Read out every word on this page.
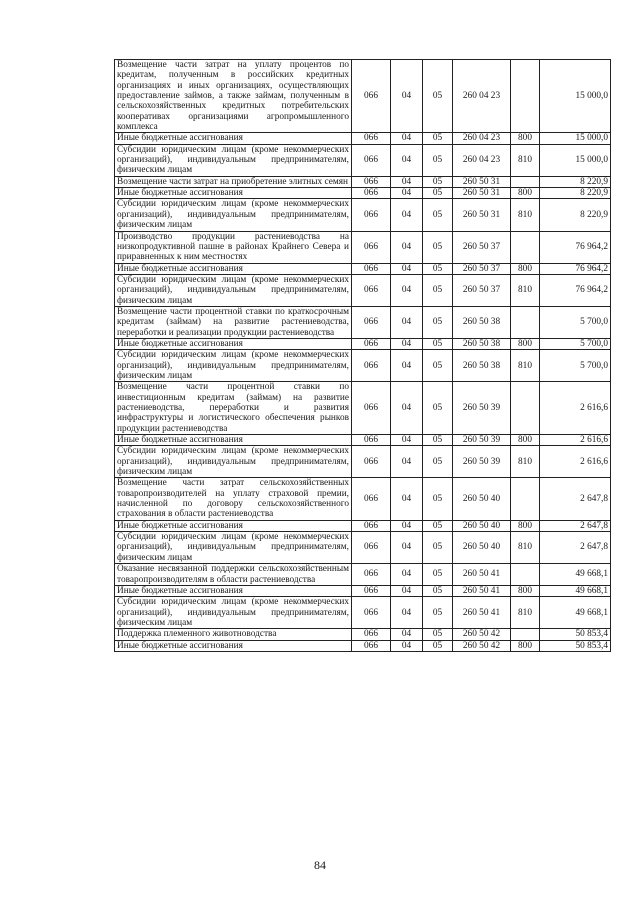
Возмещение части затрат на уплату процентов по кредитам, полученным в российских кредитных организациях и иных организациях, осуществляющих предоставление займов, а также займам, полученным в сельскохозяйственных кредитных потребительских кооперативах организациями агропромышленного комплекса	066	04	05	260 04 23		15 000,0
Иные бюджетные ассигнования	066	04	05	260 04 23	800	15 000,0
Субсидии юридическим лицам (кроме некоммерческих организаций), индивидуальным предпринимателям, физическим лицам	066	04	05	260 04 23	810	15 000,0
Возмещение части затрат на приобретение элитных семян	066	04	05	260 50 31		8 220,9
Иные бюджетные ассигнования	066	04	05	260 50 31	800	8 220,9
Субсидии юридическим лицам (кроме некоммерческих организаций), индивидуальным предпринимателям, физическим лицам	066	04	05	260 50 31	810	8 220,9
Производство продукции растениеводства на низкопродуктивной пашне в районах Крайнего Севера и приравненных к ним местностях	066	04	05	260 50 37		76 964,2
Иные бюджетные ассигнования	066	04	05	260 50 37	800	76 964,2
Субсидии юридическим лицам (кроме некоммерческих организаций), индивидуальным предпринимателям, физическим лицам	066	04	05	260 50 37	810	76 964,2
Возмещение части процентной ставки по краткосрочным кредитам (займам) на развитие растениеводства, переработки и реализации продукции растениеводства	066	04	05	260 50 38		5 700,0
Иные бюджетные ассигнования	066	04	05	260 50 38	800	5 700,0
Субсидии юридическим лицам (кроме некоммерческих организаций), индивидуальным предпринимателям, физическим лицам	066	04	05	260 50 38	810	5 700,0
Возмещение части процентной ставки по инвестиционным кредитам (займам) на развитие растениеводства, переработки и развития инфраструктуры и логистического обеспечения рынков продукции растениеводства	066	04	05	260 50 39		2 616,6
Иные бюджетные ассигнования	066	04	05	260 50 39	800	2 616,6
Субсидии юридическим лицам (кроме некоммерческих организаций), индивидуальным предпринимателям, физическим лицам	066	04	05	260 50 39	810	2 616,6
Возмещение части затрат сельскохозяйственных товаропроизводителей на уплату страховой премии, начисленной по договору сельскохозяйственного страхования в области растениеводства	066	04	05	260 50 40		2 647,8
Иные бюджетные ассигнования	066	04	05	260 50 40	800	2 647,8
Субсидии юридическим лицам (кроме некоммерческих организаций), индивидуальным предпринимателям, физическим лицам	066	04	05	260 50 40	810	2 647,8
Оказание несвязанной поддержки сельскохозяйственным товаропроизводителям в области растениеводства	066	04	05	260 50 41		49 668,1
Иные бюджетные ассигнования	066	04	05	260 50 41	800	49 668,1
Субсидии юридическим лицам (кроме некоммерческих организаций), индивидуальным предпринимателям, физическим лицам	066	04	05	260 50 41	810	49 668,1
Поддержка племенного животноводства	066	04	05	260 50 42		50 853,4
Иные бюджетные ассигнования	066	04	05	260 50 42	800	50 853,4
84
